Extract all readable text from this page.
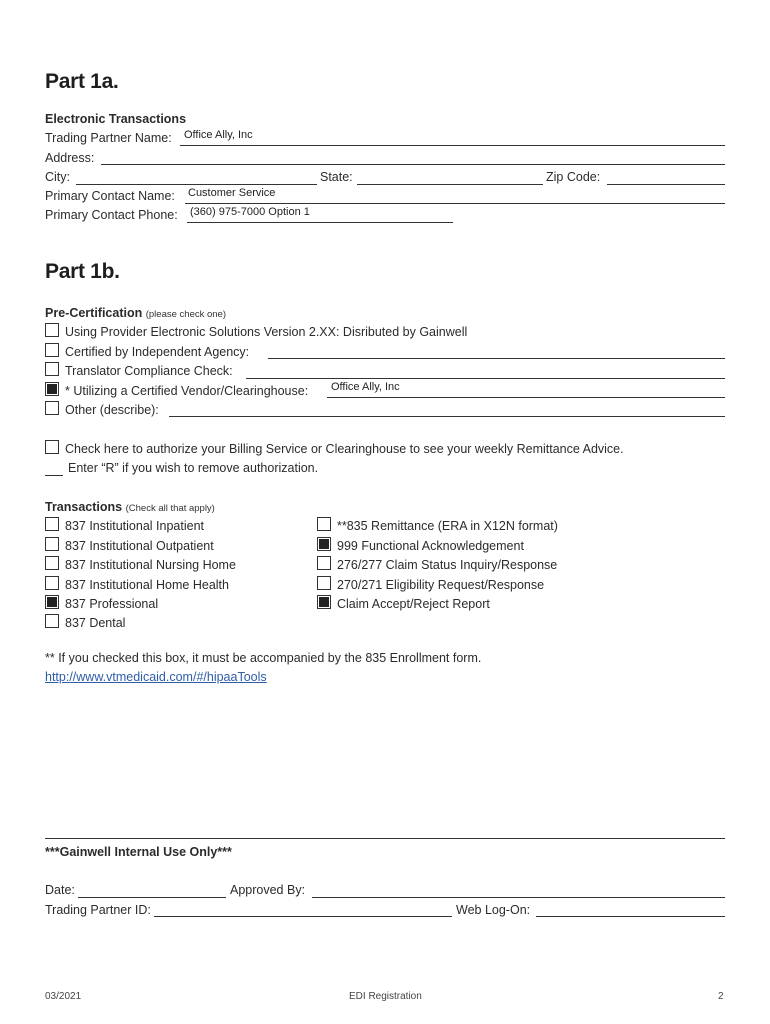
Part 1a.
Electronic Transactions
Trading Partner Name: Office Ally, Inc
Address:
City:	State:	Zip Code:
Primary Contact Name: Customer Service
Primary Contact Phone: (360) 975-7000 Option 1
Part 1b.
Pre-Certification (please check one)
Using Provider Electronic Solutions Version 2.XX: Disributed by Gainwell
Certified by Independent Agency:
Translator Compliance Check:
* Utilizing a Certified Vendor/Clearinghouse: Office Ally, Inc
Other (describe):
Check here to authorize your Billing Service or Clearinghouse to see your weekly Remittance Advice.
Enter “R” if you wish to remove authorization.
Transactions (Check all that apply)
837 Institutional Inpatient
837 Institutional Outpatient
837 Institutional Nursing Home
837 Institutional Home Health
837 Professional
837 Dental
**835 Remittance (ERA in X12N format)
999 Functional Acknowledgement
276/277 Claim Status Inquiry/Response
270/271 Eligibility Request/Response
Claim Accept/Reject Report
** If you checked this box, it must be accompanied by the 835 Enrollment form.
http://www.vtmedicaid.com/#/hipaaTools
***Gainwell Internal Use Only***
Date:	Approved By:
Trading Partner ID:	Web Log-On:
03/2021	EDI Registration	2
